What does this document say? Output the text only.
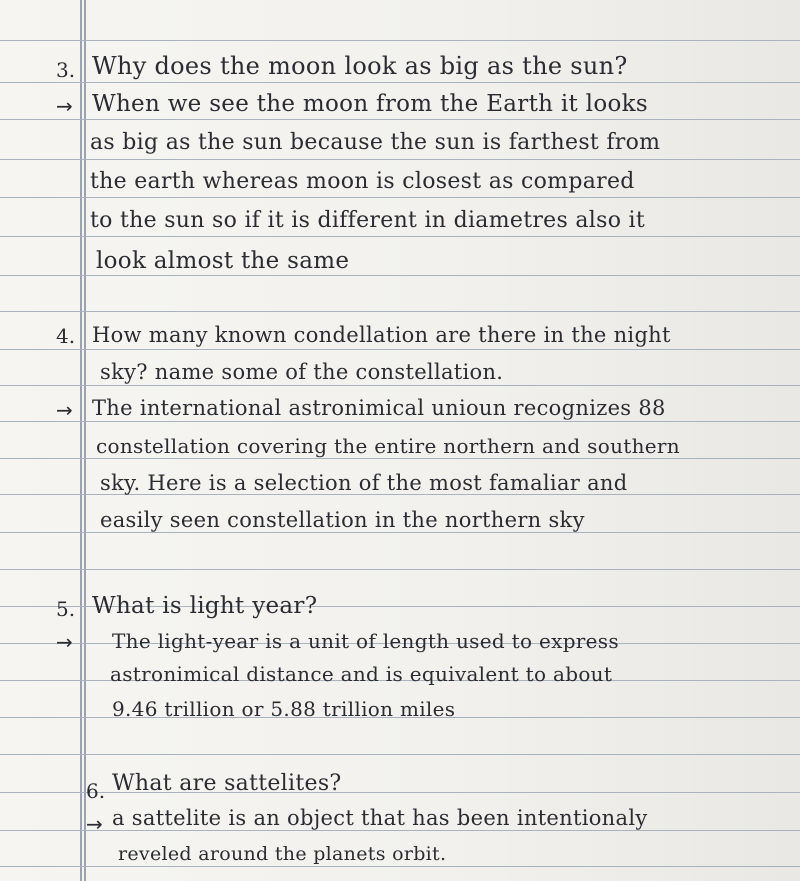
3. Why does the moon look as big as the sun?
→ When we see the moon from the Earth it looks
as big as the sun because the sun is farthest from
the earth whereas moon is closest as compared
to the sun so if it is different in diametres also it
look almost the same
4. How many known condellation are there in the night
sky? name some of the constellation.
→ The international astronimical unioun recognizes 88
constellation covering the entire northern and southern
sky. Here is a selection of the most famaliar and
easily seen constellation in the northern sky
5. What is light year?
→ The light-year is a unit of length used to express
astronimical distance and is equivalent to about
9.46 trillion or 5.88 trillion miles
6. What are sattelites?
→ a sattelite is an object that has been intentionaly
reveled around the planets orbit.
